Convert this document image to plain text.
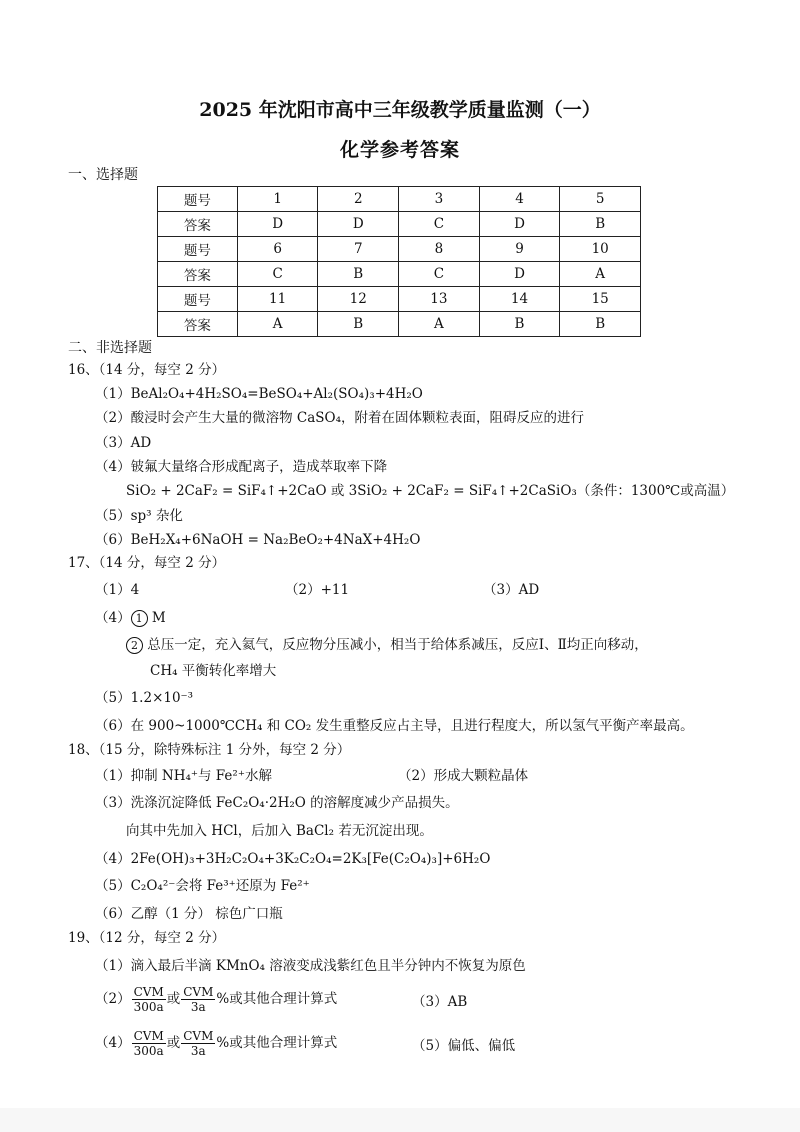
2025 年沈阳市高中三年级教学质量监测（一）
化学参考答案
一、选择题
题号	1	2	3	4	5
答案	D	D	C	D	B
题号	6	7	8	9	10
答案	C	B	C	D	A
题号	11	12	13	14	15
答案	A	B	A	B	B
二、非选择题
16、（14 分，每空 2 分）
（1）BeAl₂O₄+4H₂SO₄=BeSO₄+Al₂(SO₄)₃+4H₂O
（2）酸浸时会产生大量的微溶物 CaSO₄，附着在固体颗粒表面，阻碍反应的进行
（3）AD
（4）铍氟大量络合形成配离子，造成萃取率下降
SiO₂ + 2CaF₂ = SiF₄↑+2CaO 或 3SiO₂ + 2CaF₂ = SiF₄↑+2CaSiO₃（条件：1300℃或高温）
（5）sp³ 杂化
（6）BeH₂X₄+6NaOH = Na₂BeO₂+4NaX+4H₂O
17、（14 分，每空 2 分）
（1）4	（2）+11	（3）AD
（4） 1 M
2 总压一定，充入氦气，反应物分压减小，相当于给体系减压，反应Ⅰ、Ⅱ均正向移动，
CH₄ 平衡转化率增大
（5）1.2×10⁻³
（6）在 900~1000℃CH₄ 和 CO₂ 发生重整反应占主导，且进行程度大，所以氢气平衡产率最高。
18、（15 分，除特殊标注 1 分外，每空 2 分）
（1）抑制 NH₄⁺与 Fe²⁺水解	（2）形成大颗粒晶体
（3）洗涤沉淀降低 FeC₂O₄·2H₂O 的溶解度减少产品损失。
向其中先加入 HCl，后加入 BaCl₂ 若无沉淀出现。
（4）2Fe(OH)₃+3H₂C₂O₄+3K₂C₂O₄=2K₃[Fe(C₂O₄)₃]+6H₂O
（5）C₂O₄²⁻会将 Fe³⁺还原为 Fe²⁺
（6）乙醇（1 分） 棕色广口瓶
19、（12 分，每空 2 分）
（1）滴入最后半滴 KMnO₄ 溶液变成浅紫红色且半分钟内不恢复为原色
$(2) \frac{\text{CVM}}{300a}$ 或 $\frac{\text{CVM}}{3a}$ %或其他合理计算式	（3）AB
$(4) \frac{\text{CVM}}{300a}$ 或 $\frac{\text{CVM}}{3a}$ %或其他合理计算式	（5）偏低、偏低
